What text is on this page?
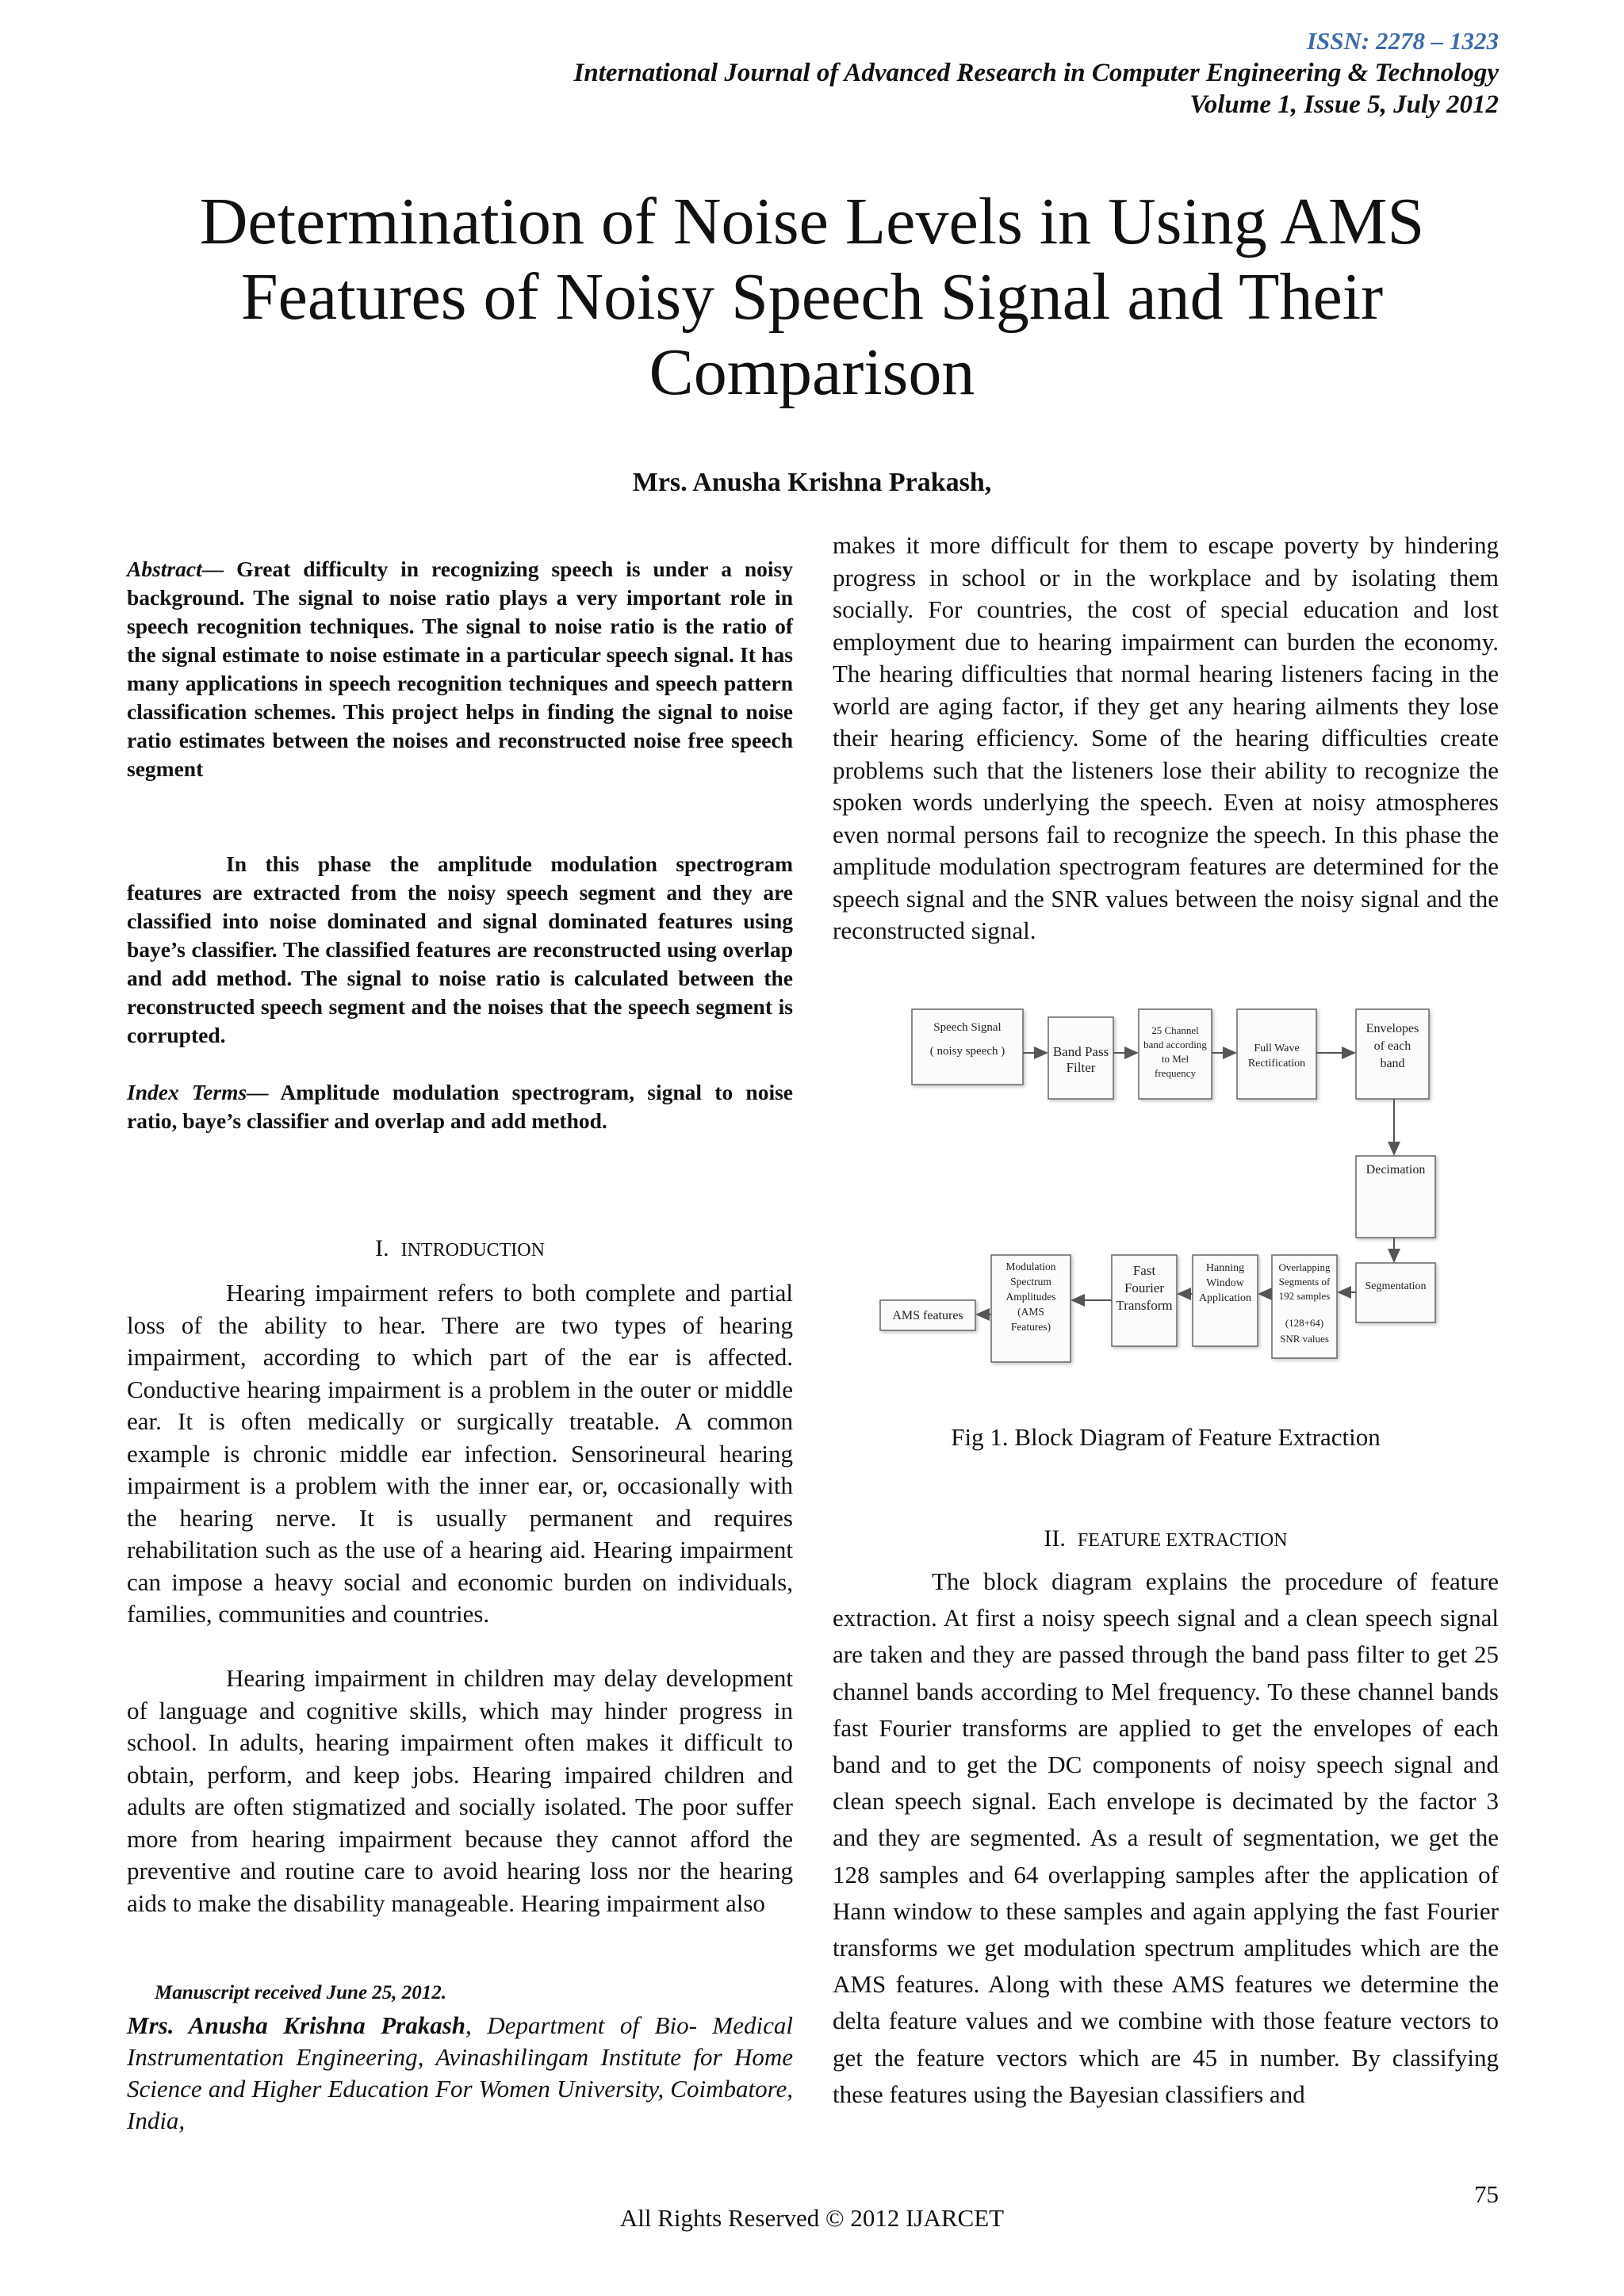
ISSN: 2278 – 1323
International Journal of Advanced Research in Computer Engineering & Technology
Volume 1, Issue 5, July 2012
Determination of Noise Levels in Using AMS Features of Noisy Speech Signal and Their Comparison
Mrs. Anusha Krishna Prakash,
Abstract— Great difficulty in recognizing speech is under a noisy background. The signal to noise ratio plays a very important role in speech recognition techniques. The signal to noise ratio is the ratio of the signal estimate to noise estimate in a particular speech signal. It has many applications in speech recognition techniques and speech pattern classification schemes. This project helps in finding the signal to noise ratio estimates between the noises and reconstructed noise free speech segment
In this phase the amplitude modulation spectrogram features are extracted from the noisy speech segment and they are classified into noise dominated and signal dominated features using baye’s classifier. The classified features are reconstructed using overlap and add method. The signal to noise ratio is calculated between the reconstructed speech segment and the noises that the speech segment is corrupted.
Index Terms— Amplitude modulation spectrogram, signal to noise ratio, baye’s classifier and overlap and add method.
I. INTRODUCTION
Hearing impairment refers to both complete and partial loss of the ability to hear. There are two types of hearing impairment, according to which part of the ear is affected. Conductive hearing impairment is a problem in the outer or middle ear. It is often medically or surgically treatable. A common example is chronic middle ear infection. Sensorineural hearing impairment is a problem with the inner ear, or, occasionally with the hearing nerve. It is usually permanent and requires rehabilitation such as the use of a hearing aid. Hearing impairment can impose a heavy social and economic burden on individuals, families, communities and countries.
Hearing impairment in children may delay development of language and cognitive skills, which may hinder progress in school. In adults, hearing impairment often makes it difficult to obtain, perform, and keep jobs. Hearing impaired children and adults are often stigmatized and socially isolated. The poor suffer more from hearing impairment because they cannot afford the preventive and routine care to avoid hearing loss nor the hearing aids to make the disability manageable. Hearing impairment also
makes it more difficult for them to escape poverty by hindering progress in school or in the workplace and by isolating them socially. For countries, the cost of special education and lost employment due to hearing impairment can burden the economy. The hearing difficulties that normal hearing listeners facing in the world are aging factor, if they get any hearing ailments they lose their hearing efficiency. Some of the hearing difficulties create problems such that the listeners lose their ability to recognize the spoken words underlying the speech. Even at noisy atmospheres even normal persons fail to recognize the speech. In this phase the amplitude modulation spectrogram features are determined for the speech signal and the SNR values between the noisy signal and the reconstructed signal.
Speech Signal
( noisy speech )	Band Pass
Filter
25 Channel
band according
to Mel
frequency
Full Wave
Rectification
Envelopes
of each
band
Decimation
Segmentation
Overlapping
Segments of
192 samples
(128+64)
SNR values
Hanning
Window
Application
Fast
Fourier
Transform
Modulation
Spectrum
Amplitudes
(AMS
Features)
AMS features
Fig 1. Block Diagram of Feature Extraction
II. FEATURE EXTRACTION
The block diagram explains the procedure of feature extraction. At first a noisy speech signal and a clean speech signal are taken and they are passed through the band pass filter to get 25 channel bands according to Mel frequency. To these channel bands fast Fourier transforms are applied to get the envelopes of each band and to get the DC components of noisy speech signal and clean speech signal. Each envelope is decimated by the factor 3 and they are segmented. As a result of segmentation, we get the 128 samples and 64 overlapping samples after the application of Hann window to these samples and again applying the fast Fourier transforms we get modulation spectrum amplitudes which are the AMS features. Along with these AMS features we determine the delta feature values and we combine with those feature vectors to get the feature vectors which are 45 in number. By classifying these features using the Bayesian classifiers and
Manuscript received June 25, 2012.
Mrs. Anusha Krishna Prakash, Department of Bio- Medical Instrumentation Engineering, Avinashilingam Institute for Home Science and Higher Education For Women University, Coimbatore, India,
75
All Rights Reserved © 2012 IJARCET
